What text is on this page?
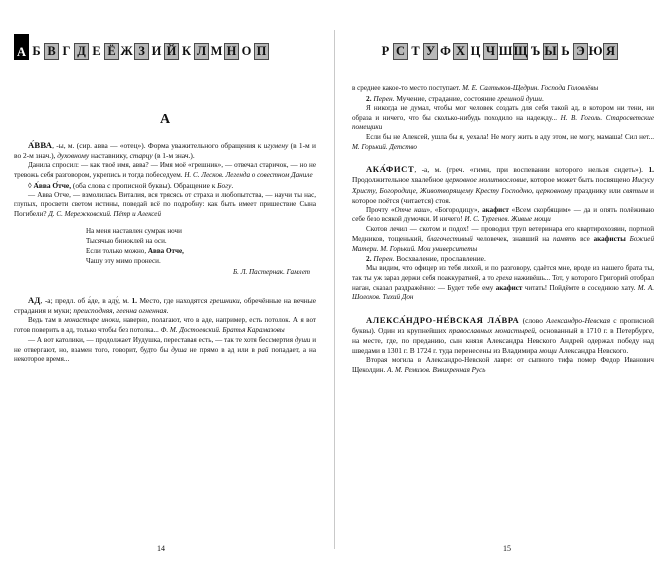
А Б В Г Д Е Ё Ж З И Й К Л М Н О П
А

А́ВВА, -ы, м. (сир. авва — «отец»). Форма уважительного обращения к игумену (в 1-м и во 2-м знач.), духовному наставнику, старцу (в 1-м знач.).

Данила спросил: — как твоё имя, авва? — Имя моё «грешник», — отвечал старичок, — но не тревожь себя разговором, укрепись и тогда побеседуем. Н. С. Лесков. Легенда о совестном Даниле

◊ А́вва О́тче, (оба слова с прописной буквы). Обращение к Богу.

— Авва Отче, — взмолилась Виталия, вся трясясь от страха и любопытства, — научи ты нас, глупых, просвети светом истины, поведай всё по подробну: как быть имеет пришествие Сына Погибели? Д. С. Мережковский. Пётр и Алексей

На меня наставлен сумрак ночи
Тысячью биноклей на оси.
Если только можно, Авва Отче,
Чашу эту мимо пронеси.
Б. Л. Пастернак. Гамлет

АД, -а; предл. об а́де, в аду́, м. 1. Место, где находятся грешники, обречённые на вечные страдания и муки; преисподняя, геенна огненная.

Ведь там в монастыре иноки, наверно, полагают, что в аде, например, есть потолок. А я вот готов поверить в ад, только чтобы без потолка... Ф. М. Достоевский. Братья Карамазовы

— А вот католики, — продолжает Иудушка, переставая есть, — так те хотя бессмертия души и не отвергают, но, взамен того, говорит, будто бы душа не прямо в ад или в рай попадает, а на некоторое время...

14
Р С Т У Ф Х Ц Ч Ш Щ Ъ Ы Ь Э Ю Я

в среднее какое-то место поступает. М. Е. Салтыков-Щедрин. Господа Головлёвы

2. Перен. Мучение, страдание, состояние грешной души.

Я никогда не думал, чтобы мог человек создать для себя такой ад, в котором ни тени, ни образа и ничего, что бы сколько-нибудь походило на надежду... Н. В. Гоголь. Старосветские помещики

Если бы не Алексей, ушла бы я, уехала! Не могу жить в аду этом, не могу, мамаша! Сил нет... М. Горький. Детство

АКА́ФИСТ, -а, м. (греч. «гимн, при воспевании которого нельзя сидеть»). 1. Продолжительное хвалебное церковное молитвословие, которое может быть посвящено Иисусу Христу, Богородице, Животворящему Кресту Господню, церковному празднику или святым и которое поётся (читается) стоя.

Прочту «Отче наш», «Богородицу», акафист «Всем скорбящим» — да и опять полёживаю себе безо всякой думочки. И ничего! И. С. Тургенев. Живые мощи

Скотов лечил — скотом и подох! — проводил труп ветеринара его квартирохозяин, портной Медников, тощенький, благочестивый человечек, знавший на память все акафисты Божией Матери. М. Горький. Мои университеты

2. Перен. Восхваление, прославление.

Мы видим, что офицер из тебя лихой, и по разговору, сдаётся мне, вроде из нашего брата ты, так ты уж зараз держи себя поаккуратней, а то греха наживёшь... Тот, у которого Григорий отобрал наган, сказал раздражённо: — Будет тебе ему акафист читать! Пойдёмте в соседнюю хату. М. А. Шолохов. Тихий Дон

АЛЕКСА́НДРО-НЕ́ВСКАЯ ЛА́ВРА (слово Александро-Невская с прописной буквы). Один из крупнейших православных монастырей, основанный в 1710 г. в Петербурге, на месте, где, по преданию, сын князя Александра Невского Андрей одержал победу над шведами в 1301 г. В 1724 г. туда перенесены из Владимира мощи Александра Невского.

Вторая могила в Александро-Невской лавре: от сыпного тифа помер Федор Иванович Щеколдин. А. М. Ремизов. Взвихренная Русь

15
